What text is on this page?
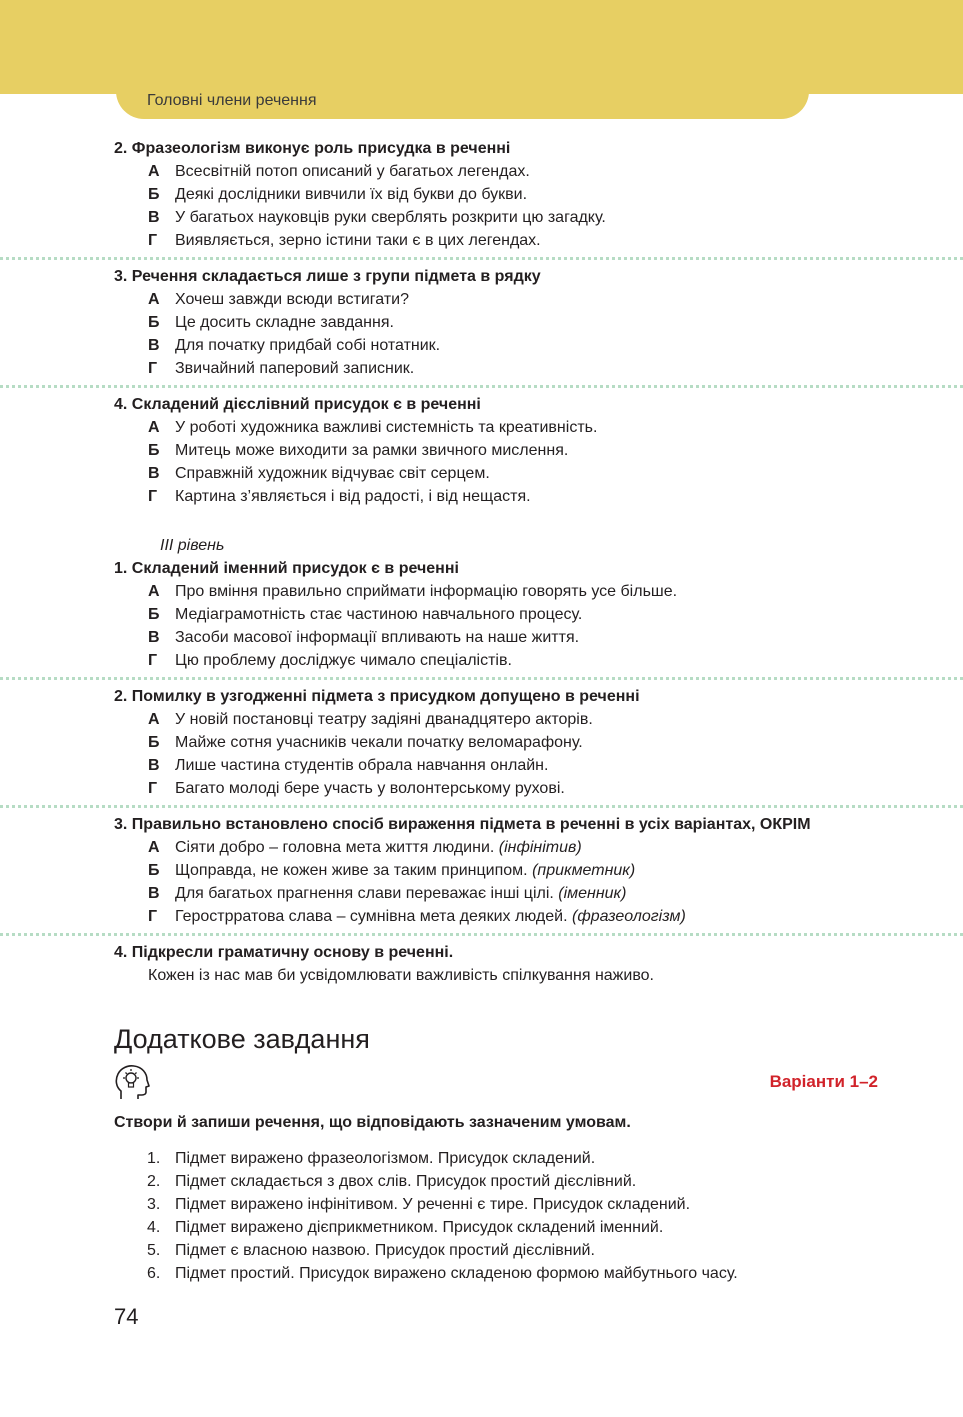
Головні члени речення
2. Фразеологізм виконує роль присудка в реченні
А Всесвітній потоп описаний у багатьох легендах.
Б Деякі дослідники вивчили їх від букви до букви.
В У багатьох науковців руки сверблять розкрити цю загадку.
Г Виявляється, зерно істини таки є в цих легендах.
3. Речення складається лише з групи підмета в рядку
А Хочеш завжди всюди встигати?
Б Це досить складне завдання.
В Для початку придбай собі нотатник.
Г Звичайний паперовий записник.
4. Складений дієслівний присудок є в реченні
А У роботі художника важливі системність та креативність.
Б Митець може виходити за рамки звичного мислення.
В Справжній художник відчуває світ серцем.
Г Картина з’являється і від радості, і від нещастя.
ІІІ рівень
1. Складений іменний присудок є в реченні
А Про вміння правильно сприймати інформацію говорять усе більше.
Б Медіаграмотність стає частиною навчального процесу.
В Засоби масової інформації впливають на наше життя.
Г Цю проблему досліджує чимало спеціалістів.
2. Помилку в узгодженні підмета з присудком допущено в реченні
А У новій постановці театру задіяні дванадцятеро акторів.
Б Майже сотня учасників чекали початку веломарафону.
В Лише частина студентів обрала навчання онлайн.
Г Багато молоді бере участь у волонтерському рухові.
3. Правильно встановлено спосіб вираження підмета в реченні в усіх варіантах, ОКРІМ
А Сіяти добро – головна мета життя людини. (інфінітив)
Б Щоправда, не кожен живе за таким принципом. (прикметник)
В Для багатьох прагнення слави переважає інші цілі. (іменник)
Г Герострратова слава – сумнівна мета деяких людей. (фразеологізм)
4. Підкресли граматичну основу в реченні.
Кожен із нас мав би усвідомлювати важливість спілкування наживо.
Додаткове завдання
Варіанти 1–2
Створи й запиши речення, що відповідають зазначеним умовам.
1. Підмет виражено фразеологізмом. Присудок складений.
2. Підмет складається з двох слів. Присудок простий дієслівний.
3. Підмет виражено інфінітивом. У реченні є тире. Присудок складений.
4. Підмет виражено дієприкметником. Присудок складений іменний.
5. Підмет є власною назвою. Присудок простий дієслівний.
6. Підмет простий. Присудок виражено складеною формою майбутнього часу.
74
